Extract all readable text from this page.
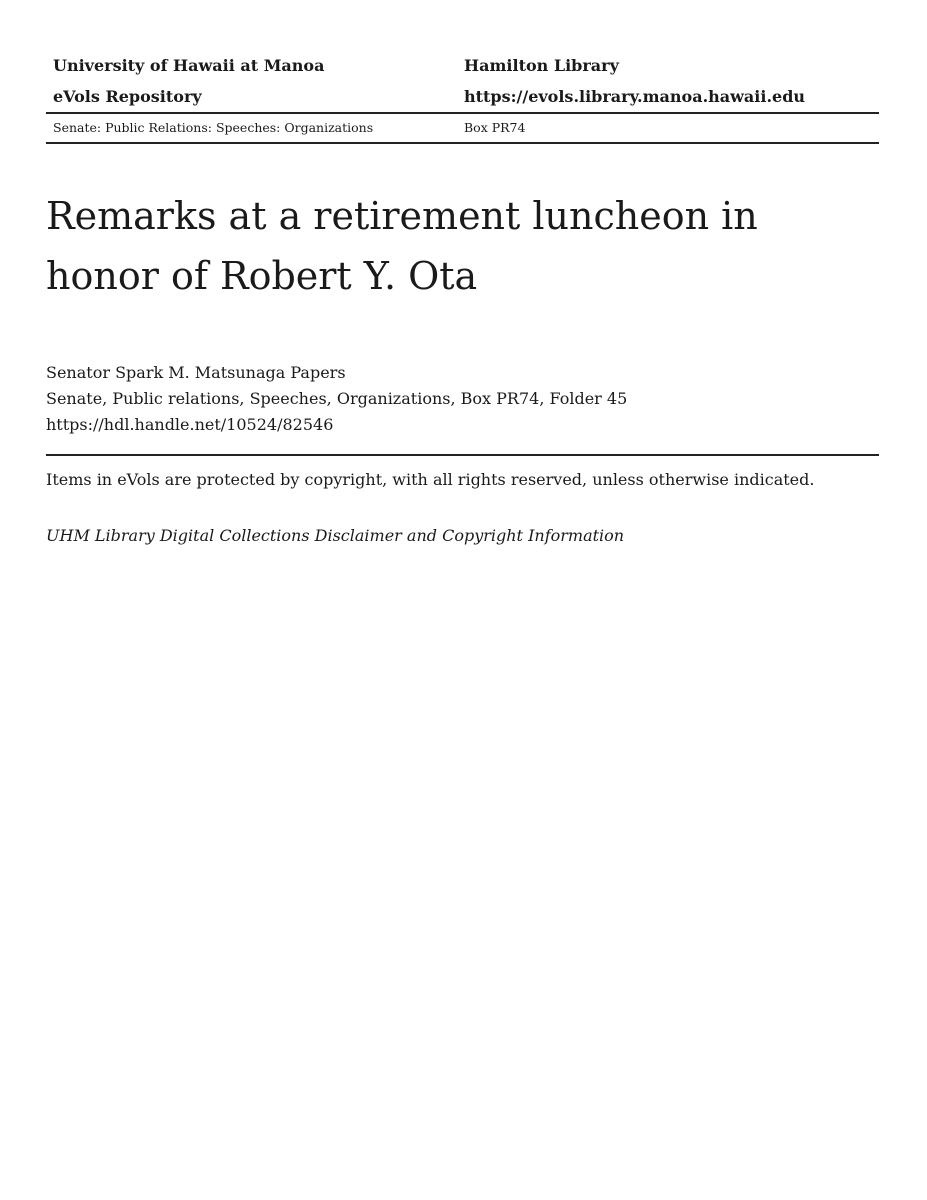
University of Hawaii at Manoa	Hamilton Library
eVols Repository	https://evols.library.manoa.hawaii.edu
Senate: Public Relations: Speeches: Organizations	Box PR74
Remarks at a retirement luncheon in honor of Robert Y. Ota
Senator Spark M. Matsunaga Papers
Senate, Public relations, Speeches, Organizations, Box PR74, Folder 45
https://hdl.handle.net/10524/82546
Items in eVols are protected by copyright, with all rights reserved, unless otherwise indicated.
UHM Library Digital Collections Disclaimer and Copyright Information
